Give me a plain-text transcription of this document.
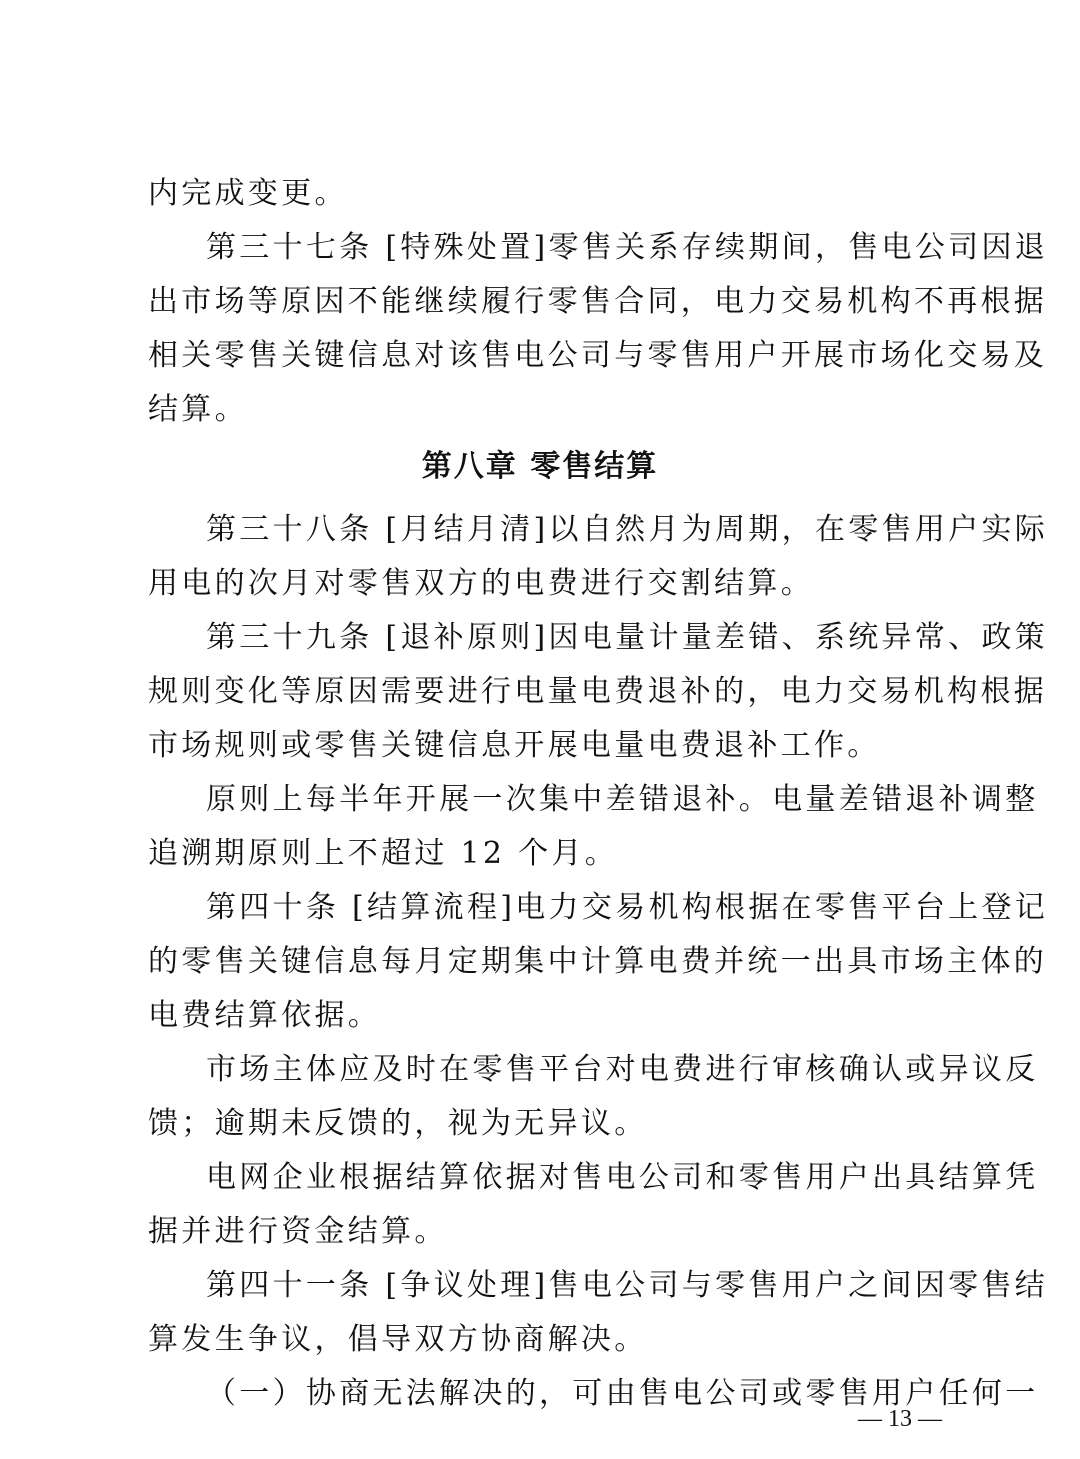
内完成变更。
第三十七条 [特殊处置]零售关系存续期间，售电公司因退
出市场等原因不能继续履行零售合同，电力交易机构不再根据
相关零售关键信息对该售电公司与零售用户开展市场化交易及
结算。
第八章 零售结算
第三十八条 [月结月清]以自然月为周期，在零售用户实际
用电的次月对零售双方的电费进行交割结算。
第三十九条 [退补原则]因电量计量差错、系统异常、政策
规则变化等原因需要进行电量电费退补的，电力交易机构根据
市场规则或零售关键信息开展电量电费退补工作。
原则上每半年开展一次集中差错退补。电量差错退补调整
追溯期原则上不超过 12 个月。
第四十条 [结算流程]电力交易机构根据在零售平台上登记
的零售关键信息每月定期集中计算电费并统一出具市场主体的
电费结算依据。
市场主体应及时在零售平台对电费进行审核确认或异议反
馈；逾期未反馈的，视为无异议。
电网企业根据结算依据对售电公司和零售用户出具结算凭
据并进行资金结算。
第四十一条 [争议处理]售电公司与零售用户之间因零售结
算发生争议，倡导双方协商解决。
（一）协商无法解决的，可由售电公司或零售用户任何一
— 13 —
